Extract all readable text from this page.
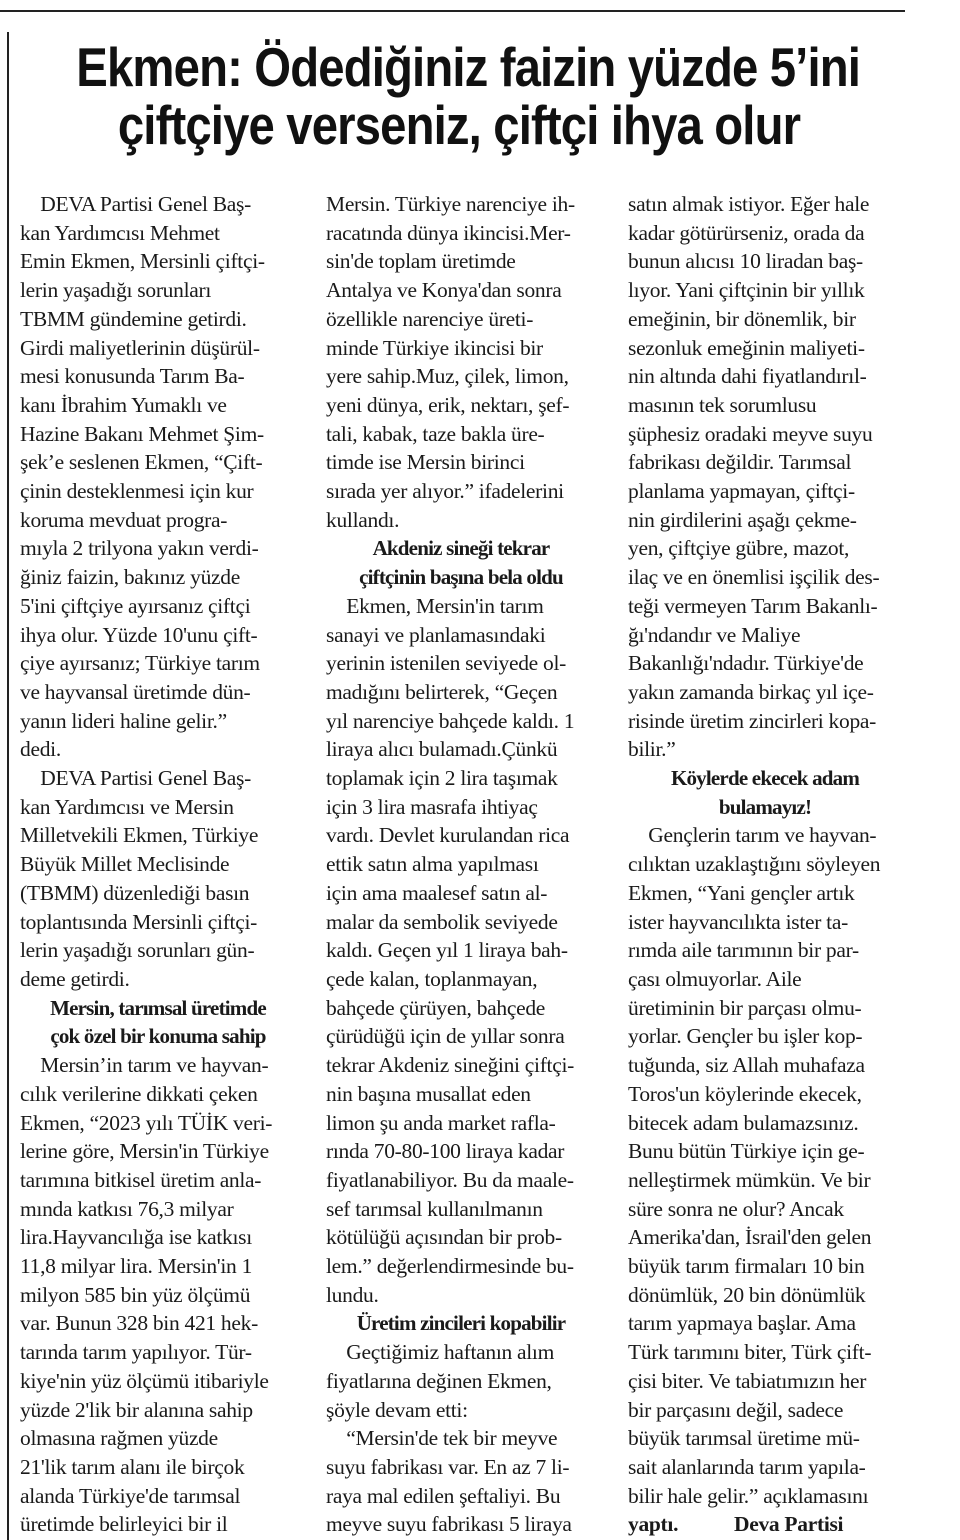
Ekmen: Ödediğiniz faizin yüzde 5’ini
çiftçiye verseniz, çiftçi ihya olur
DEVA Partisi Genel Baş-
kan Yardımcısı Mehmet
Emin Ekmen, Mersinli çiftçi-
lerin yaşadığı sorunları
TBMM gündemine getirdi.
Girdi maliyetlerinin düşürül-
mesi konusunda Tarım Ba-
kanı İbrahim Yumaklı ve
Hazine Bakanı Mehmet Şim-
şek’e seslenen Ekmen, “Çift-
çinin desteklenmesi için kur
koruma mevduat progra-
mıyla 2 trilyona yakın verdi-
ğiniz faizin, bakınız yüzde
5'ini çiftçiye ayırsanız çiftçi
ihya olur. Yüzde 10'unu çift-
çiye ayırsanız; Türkiye tarım
ve hayvansal üretimde dün-
yanın lideri haline gelir.”
dedi.
DEVA Partisi Genel Baş-
kan Yardımcısı ve Mersin
Milletvekili Ekmen, Türkiye
Büyük Millet Meclisinde
(TBMM) düzenlediği basın
toplantısında Mersinli çiftçi-
lerin yaşadığı sorunları gün-
deme getirdi.
Mersin, tarımsal üretimde
çok özel bir konuma sahip
Mersin’in tarım ve hayvan-
cılık verilerine dikkati çeken
Ekmen, “2023 yılı TÜİK veri-
lerine göre, Mersin'in Türkiye
tarımına bitkisel üretim anla-
mında katkısı 76,3 milyar
lira.Hayvancılığa ise katkısı
11,8 milyar lira. Mersin'in 1
milyon 585 bin yüz ölçümü
var. Bunun 328 bin 421 hek-
tarında tarım yapılıyor. Tür-
kiye'nin yüz ölçümü itibariyle
yüzde 2'lik bir alanına sahip
olmasına rağmen yüzde
21'lik tarım alanı ile birçok
alanda Türkiye'de tarımsal
üretimde belirleyici bir il
Mersin. Türkiye narenciye ih-
racatında dünya ikincisi.Mer-
sin'de toplam üretimde
Antalya ve Konya'dan sonra
özellikle narenciye üreti-
minde Türkiye ikincisi bir
yere sahip.Muz, çilek, limon,
yeni dünya, erik, nektarı, şef-
tali, kabak, taze bakla üre-
timde ise Mersin birinci
sırada yer alıyor.” ifadelerini
kullandı.
Akdeniz sineği tekrar
çiftçinin başına bela oldu
Ekmen, Mersin'in tarım
sanayi ve planlamasındaki
yerinin istenilen seviyede ol-
madığını belirterek, “Geçen
yıl narenciye bahçede kaldı. 1
liraya alıcı bulamadı.Çünkü
toplamak için 2 lira taşımak
için 3 lira masrafa ihtiyaç
vardı. Devlet kurulandan rica
ettik satın alma yapılması
için ama maalesef satın al-
malar da sembolik seviyede
kaldı. Geçen yıl 1 liraya bah-
çede kalan, toplanmayan,
bahçede çürüyen, bahçede
çürüdüğü için de yıllar sonra
tekrar Akdeniz sineğini çiftçi-
nin başına musallat eden
limon şu anda market rafla-
rında 70-80-100 liraya kadar
fiyatlanabiliyor. Bu da maale-
sef tarımsal kullanılmanın
kötülüğü açısından bir prob-
lem.” değerlendirmesinde bu-
lundu.
Üretim zincileri kopabilir
Geçtiğimiz haftanın alım
fiyatlarına değinen Ekmen,
şöyle devam etti:
“Mersin'de tek bir meyve
suyu fabrikası var. En az 7 li-
raya mal edilen şeftaliyi. Bu
meyve suyu fabrikası 5 liraya
satın almak istiyor. Eğer hale
kadar götürürseniz, orada da
bunun alıcısı 10 liradan baş-
lıyor. Yani çiftçinin bir yıllık
emeğinin, bir dönemlik, bir
sezonluk emeğinin maliyeti-
nin altında dahi fiyatlandırıl-
masının tek sorumlusu
şüphesiz oradaki meyve suyu
fabrikası değildir. Tarımsal
planlama yapmayan, çiftçi-
nin girdilerini aşağı çekme-
yen, çiftçiye gübre, mazot,
ilaç ve en önemlisi işçilik des-
teği vermeyen Tarım Bakanlı-
ğı'ndandır ve Maliye
Bakanlığı'ndadır. Türkiye'de
yakın zamanda birkaç yıl içe-
risinde üretim zincirleri kopa-
bilir.”
Köylerde ekecek adam
bulamayız!
Gençlerin tarım ve hayvan-
cılıktan uzaklaştığını söyleyen
Ekmen, “Yani gençler artık
ister hayvancılıkta ister ta-
rımda aile tarımının bir par-
çası olmuyorlar. Aile
üretiminin bir parçası olmu-
yorlar. Gençler bu işler kop-
tuğunda, siz Allah muhafaza
Toros'un köylerinde ekecek,
bitecek adam bulamazsınız.
Bunu bütün Türkiye için ge-
nelleştirmek mümkün. Ve bir
süre sonra ne olur? Ancak
Amerika'dan, İsrail'den gelen
büyük tarım firmaları 10 bin
dönümlük, 20 bin dönümlük
tarım yapmaya başlar. Ama
Türk tarımını biter, Türk çift-
çisi biter. Ve tabiatımızın her
bir parçasını değil, sadece
büyük tarımsal üretime mü-
sait alanlarında tarım yapıla-
bilir hale gelir.” açıklamasını
yaptı.           Deva Partisi
